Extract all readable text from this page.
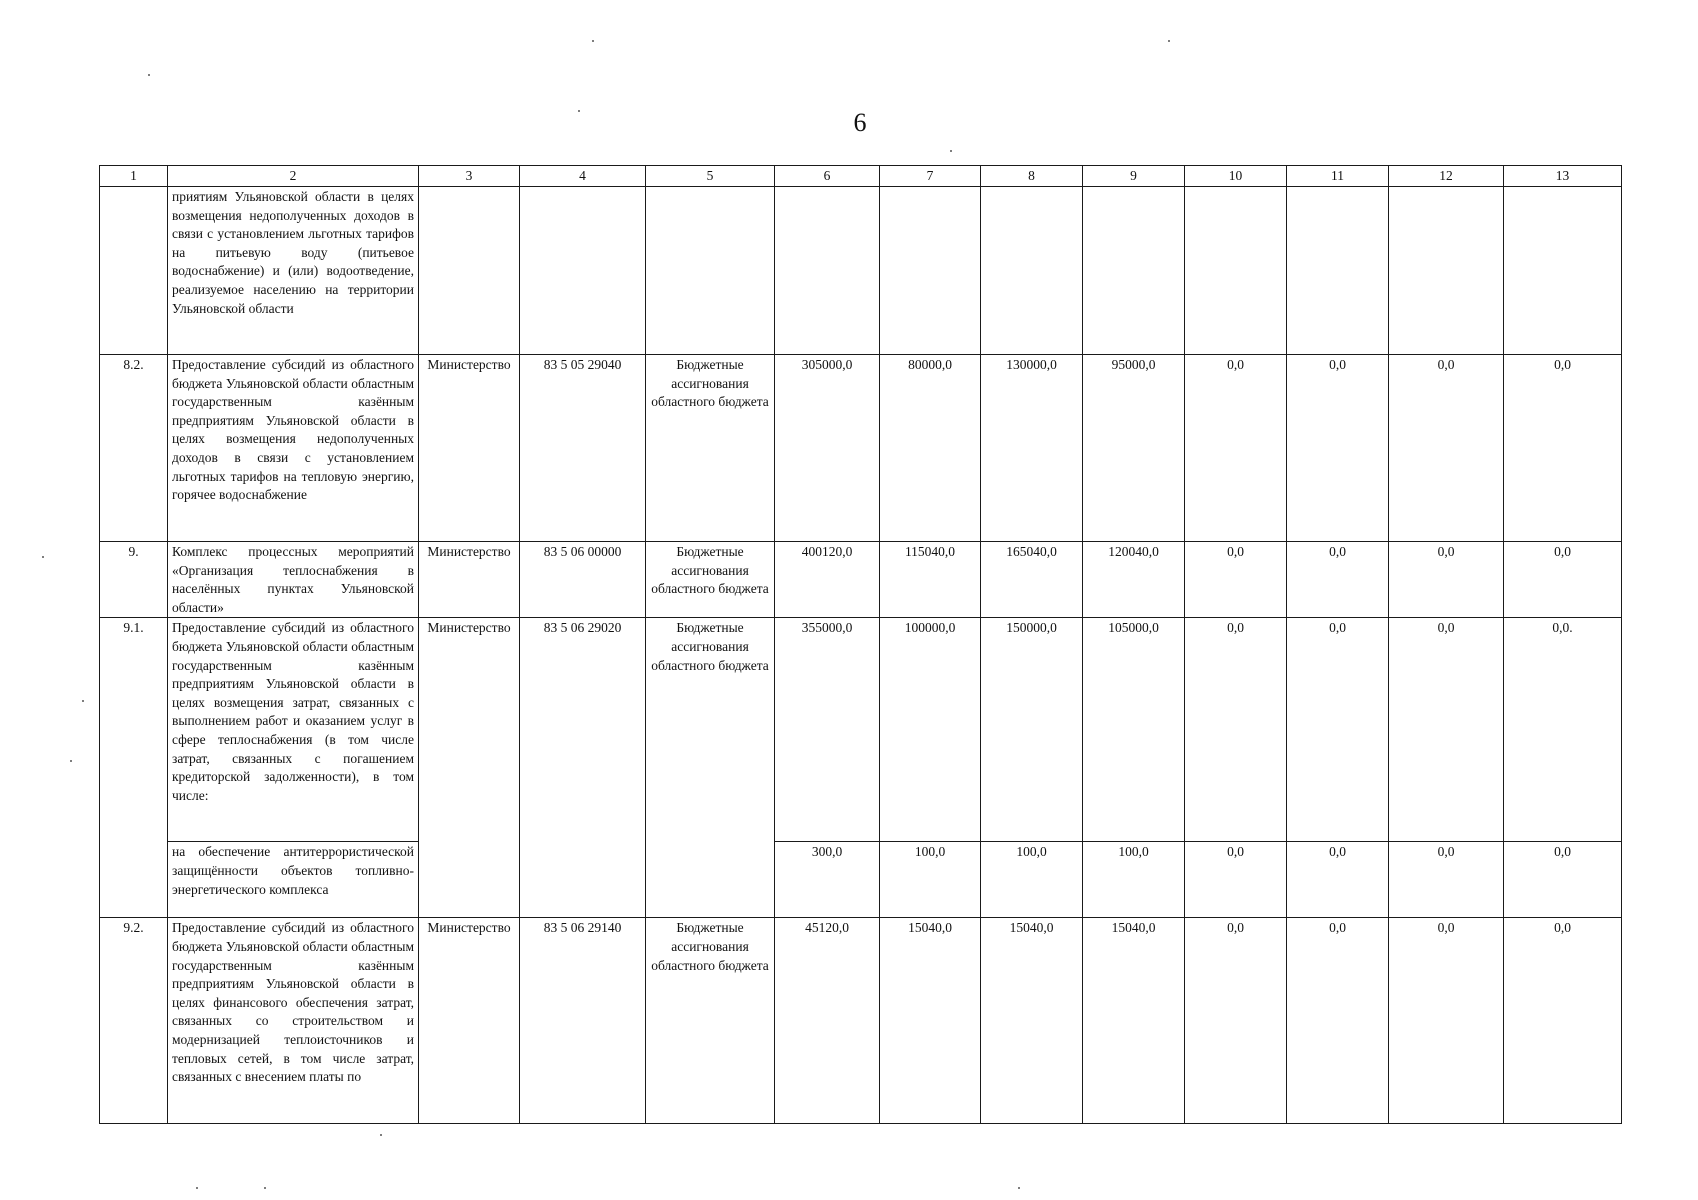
6
1	2	3	4	5	6	7	8	9	10	11	12	13
	приятиям Ульяновской области в целях возмещения недополученных доходов в связи с установлением льготных тарифов на питьевую воду (питьевое водоснабжение) и (или) водоотведение, реализуемое населению на территории Ульяновской области											
8.2.	Предоставление субсидий из областного бюджета Ульяновской области областным государственным казённым предприятиям Ульяновской области в целях возмещения недополученных доходов в связи с установлением льготных тарифов на тепловую энергию, горячее водоснабжение	Министерство	83 5 05 29040	Бюджетные ассигнования областного бюджета	305000,0	80000,0	130000,0	95000,0	0,0	0,0	0,0	0,0
9.	Комплекс процессных мероприятий «Организация теплоснабжения в населённых пунктах Ульяновской области»	Министерство	83 5 06 00000	Бюджетные ассигнования областного бюджета	400120,0	115040,0	165040,0	120040,0	0,0	0,0	0,0	0,0
9.1.	Предоставление субсидий из областного бюджета Ульяновской области областным государственным казённым предприятиям Ульяновской области в целях возмещения затрат, связанных с выполнением работ и оказанием услуг в сфере теплоснабжения (в том числе затрат, связанных с погашением кредиторской задолженности), в том числе:	Министерство	83 5 06 29020	Бюджетные ассигнования областного бюджета	355000,0	100000,0	150000,0	105000,0	0,0	0,0	0,0	0,0.
	на обеспечение антитеррористической защищённости объектов топливно-энергетического комплекса				300,0	100,0	100,0	100,0	0,0	0,0	0,0	0,0
9.2.	Предоставление субсидий из областного бюджета Ульяновской области областным государственным казённым предприятиям Ульяновской области в целях финансового обеспечения затрат, связанных со строительством и модернизацией теплоисточников и тепловых сетей, в том числе затрат, связанных с внесением платы по	Министерство	83 5 06 29140	Бюджетные ассигнования областного бюджета	45120,0	15040,0	15040,0	15040,0	0,0	0,0	0,0	0,0
